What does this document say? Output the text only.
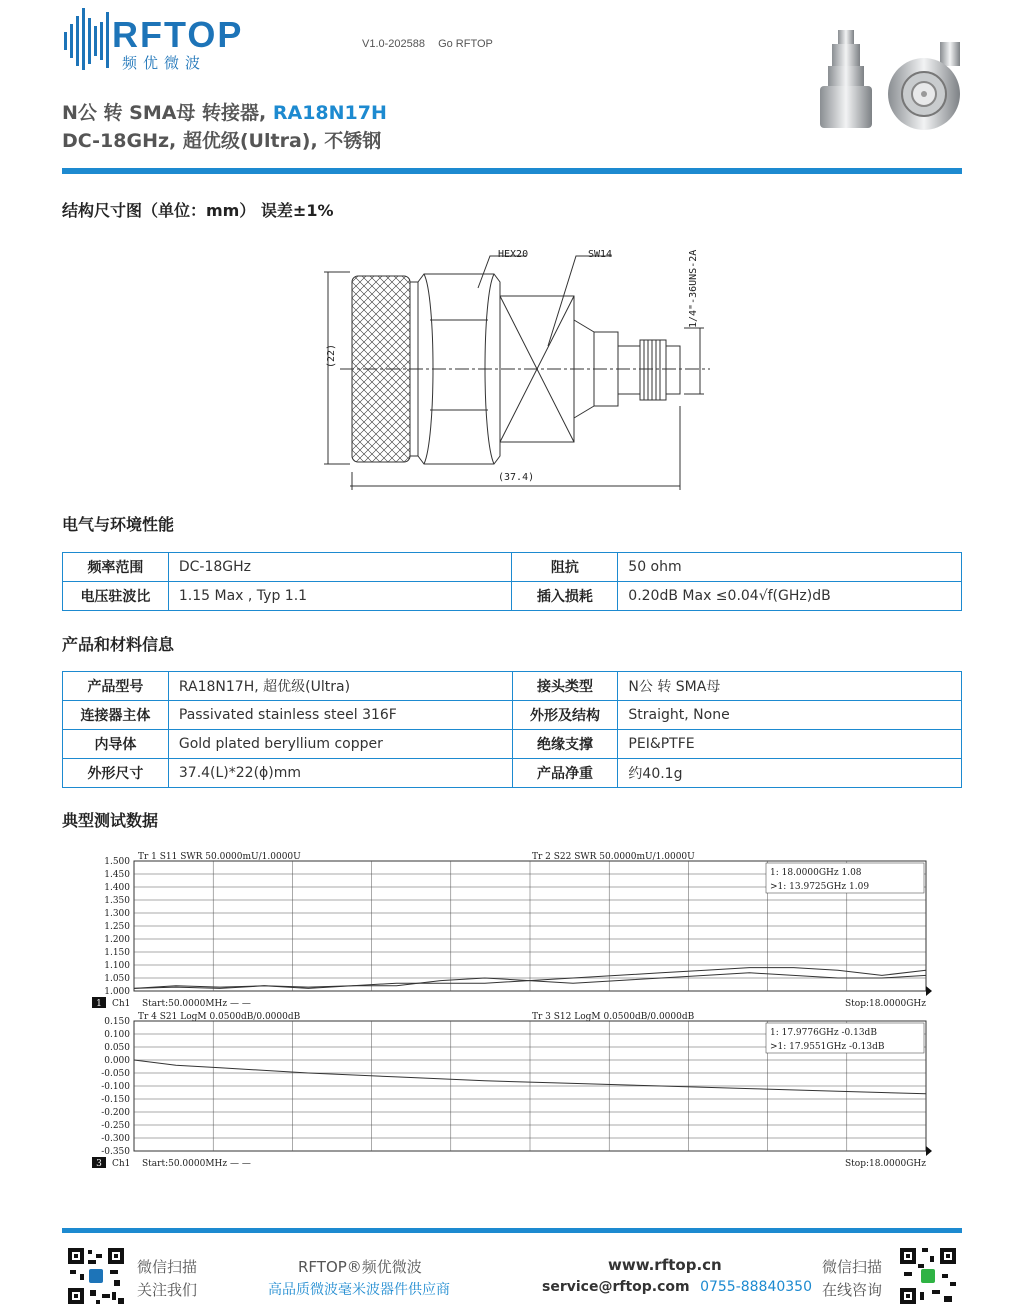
RFTOP
频优微波
V1.0-202588 Go RFTOP
N公 转 SMA母 转接器, RA18N17H
DC-18GHz, 超优级(Ultra), 不锈钢
结构尺寸图（单位：mm） 误差±1%
HEX20	SW14
(22)
(37.4)
1/4"-36UNS-2A
电气与环境性能
频率范围	DC-18GHz	阻抗	50 ohm
电压驻波比	1.15 Max , Typ 1.1	插入损耗	0.20dB Max ≤0.04√f(GHz)dB
产品和材料信息
产品型号	RA18N17H, 超优级(Ultra)	接头类型	N公 转 SMA母
连接器主体	Passivated stainless steel 316F	外形及结构	Straight, None
内导体	Gold plated beryllium copper	绝缘支撑	PEI&PTFE
外形尺寸	37.4(L)*22(ϕ)mm	产品净重	约40.1g
典型测试数据
1.500
1.450
1.400
1.350
1.300
1.250
1.200
1.150
1.100
1.050
1.000
Tr 1 S11 SWR 50.0000mU/1.0000U	Tr 2 S22 SWR 50.0000mU/1.0000U
1: 18.0000GHz 1.08
>1: 13.9725GHz 1.09
1 Ch1 Start:50.0000MHz — —	Stop:18.0000GHz
0.150
0.100
0.050
0.000
-0.050
-0.100
-0.150
-0.200
-0.250
-0.300
-0.350
Tr 4 S21 LogM 0.0500dB/0.0000dB	Tr 3 S12 LogM 0.0500dB/0.0000dB
1: 17.9776GHz -0.13dB
>1: 17.9551GHz -0.13dB
3 Ch1 Start:50.0000MHz — —	Stop:18.0000GHz
微信扫描
关注我们
RFTOP®频优微波
高品质微波毫米波器件供应商
www.rftop.cn
service@rftop.com 0755-88840350
微信扫描
在线咨询
